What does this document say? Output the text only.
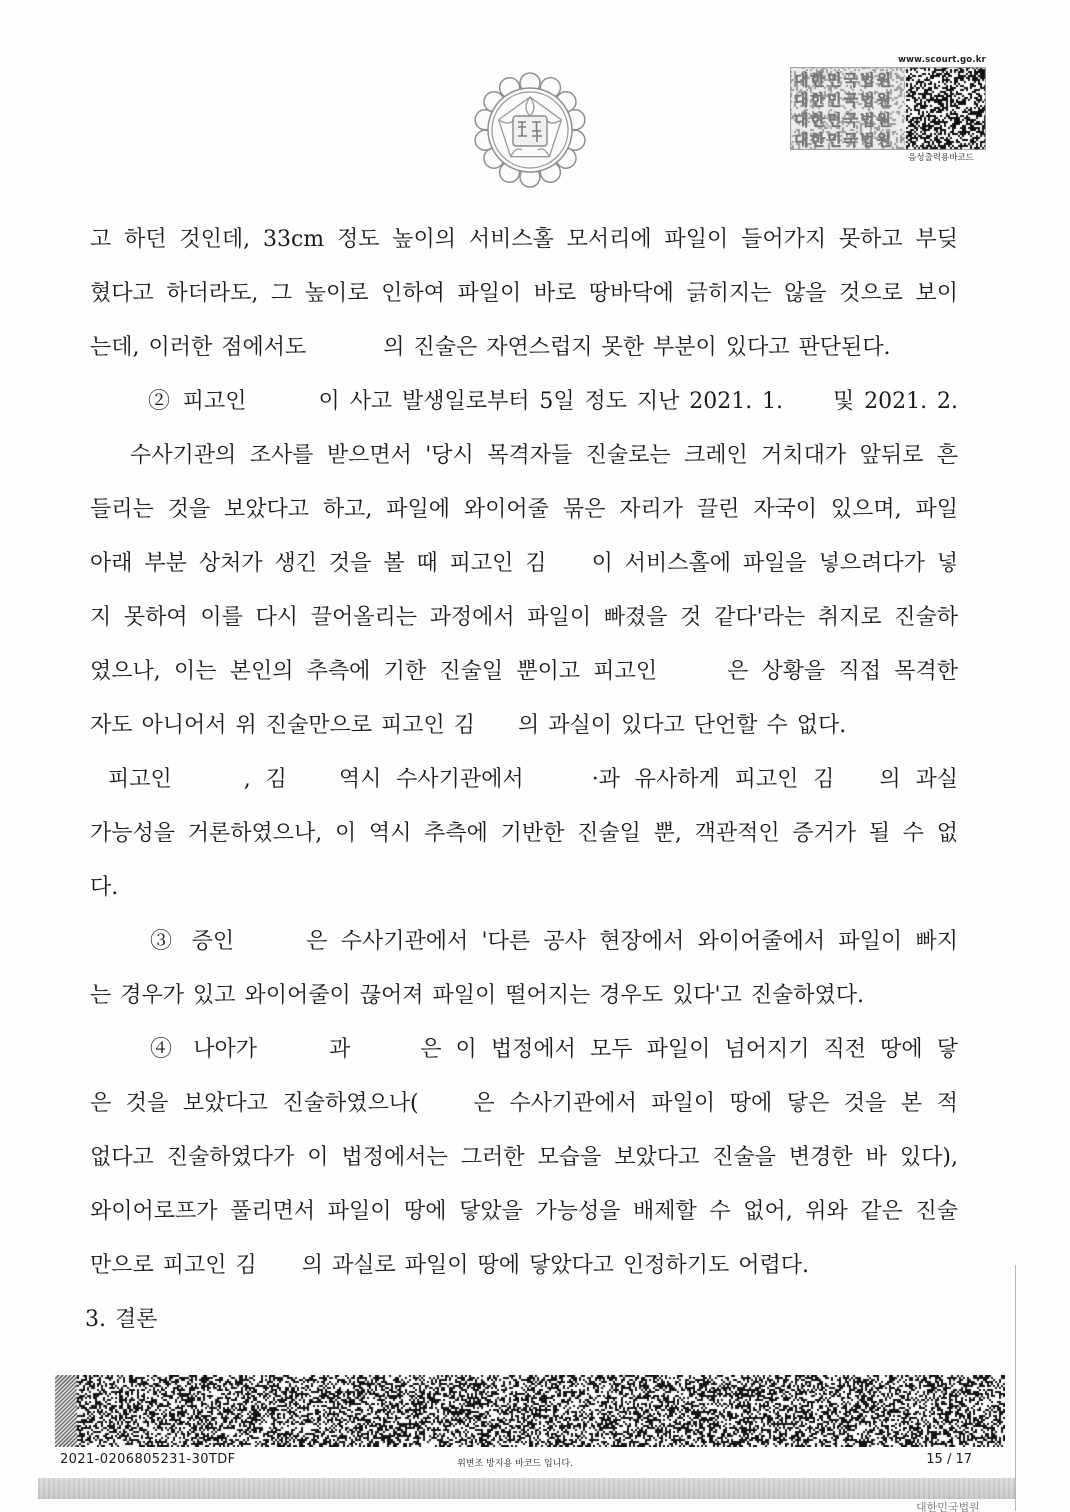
www.scourt.go.kr
대한민국법원
대한민국법원
대한민국법원
대한민국법원
음성출력용바코드
고 하던 것인데, 33cm 정도 높이의 서비스홀 모서리에 파일이 들어가지 못하고 부딪
혔다고 하더라도, 그 높이로 인하여 파일이 바로 땅바닥에 긁히지는 않을 것으로 보이
는데, 이러한 점에서도	의 진술은 자연스럽지 못한 부분이 있다고 판단된다.
② 피고인	이 사고 발생일로부터 5일 정도 지난 2021. 1. 및 2021. 2.
수사기관의 조사를 받으면서 '당시 목격자들 진술로는 크레인 거치대가 앞뒤로 흔
들리는 것을 보았다고 하고, 파일에 와이어줄 묶은 자리가 끌린 자국이 있으며, 파일
아래 부분 상처가 생긴 것을 볼 때 피고인 김 이 서비스홀에 파일을 넣으려다가 넣
지 못하여 이를 다시 끌어올리는 과정에서 파일이 빠졌을 것 같다'라는 취지로 진술하
였으나, 이는 본인의 추측에 기한 진술일 뿐이고 피고인	은 상황을 직접 목격한
자도 아니어서 위 진술만으로 피고인 김 의 과실이 있다고 단언할 수 없다.
피고인	, 김 역시 수사기관에서	·과 유사하게 피고인 김 의 과실
가능성을 거론하였으나, 이 역시 추측에 기반한 진술일 뿐, 객관적인 증거가 될 수 없
다.
③ 증인	은 수사기관에서 '다른 공사 현장에서 와이어줄에서 파일이 빠지
는 경우가 있고 와이어줄이 끊어져 파일이 떨어지는 경우도 있다'고 진술하였다.
④ 나아가	과	은 이 법정에서 모두 파일이 넘어지기 직전 땅에 닿
은 것을 보았다고 진술하였으나(	은 수사기관에서 파일이 땅에 닿은 것을 본 적
없다고 진술하였다가 이 법정에서는 그러한 모습을 보았다고 진술을 변경한 바 있다),
와이어로프가 풀리면서 파일이 땅에 닿았을 가능성을 배제할 수 없어, 위와 같은 진술
만으로 피고인 김 의 과실로 파일이 땅에 닿았다고 인정하기도 어렵다.
3. 결론
2021-0206805231-30TDF	위변조 방지용 바코드 입니다.	15 / 17
대한민국법원
